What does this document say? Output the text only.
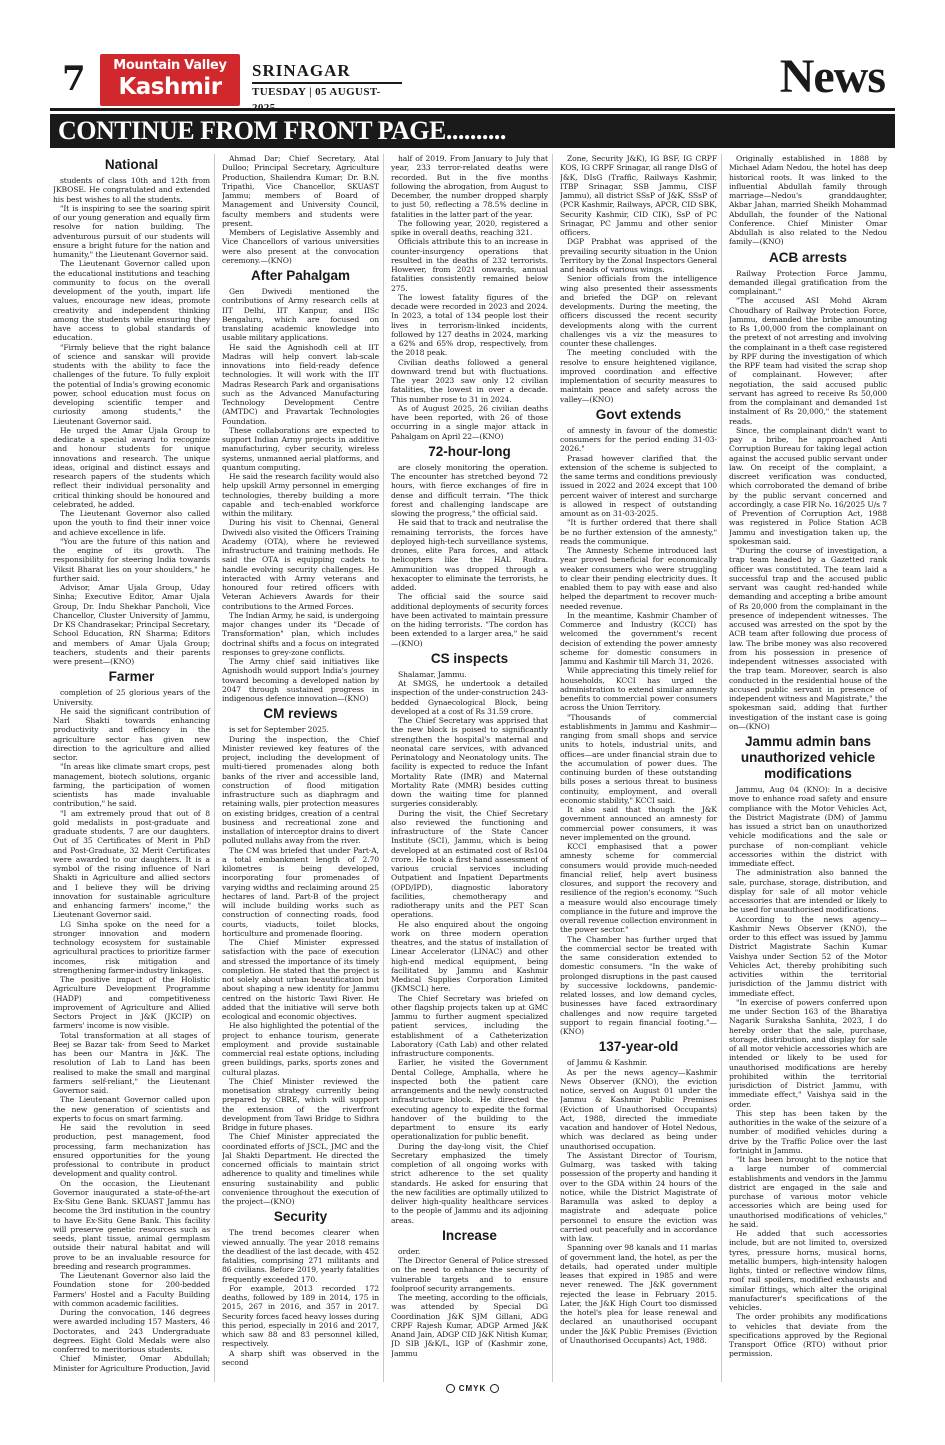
7	Mountain Valley
Kashmir
SRINAGAR
TUESDAY | 05 AUGUST-2025
News
CONTINUE FROM FRONT PAGE..........
National

students of class 10th and 12th from JKBOSE. He congratulated and extended his best wishes to all the students.

"It is inspiring to see the soaring spirit of our young generation and equally firm resolve for nation building. The adventurous pursuit of our students will ensure a bright future for the nation and humanity," the Lieutenant Governor said.

The Lieutenant Governor called upon the educational institutions and teaching community to focus on the overall development of the youth, impart life values, encourage new ideas, promote creativity and independent thinking among the students while ensuring they have access to global standards of education.

"Firmly believe that the right balance of science and sanskar will provide students with the ability to face the challenges of the future. To fully exploit the potential of India's growing economic power, school education must focus on developing scientific temper and curiosity among students," the Lieutenant Governor said.

He urged the Amar Ujala Group to dedicate a special award to recognize and honour students for unique innovations and research. The unique ideas, original and distinct essays and research papers of the students which reflect their individual personality and critical thinking should be honoured and celebrated, he added.

The Lieutenant Governor also called upon the youth to find their inner voice and achieve excellence in life.

"You are the future of this nation and the engine of its growth. The responsibility for steering India towards Viksit Bharat lies on your shoulders," he further said.

Advisor, Amar Ujala Group, Uday Sinha; Executive Editor, Amar Ujala Group, Dr. Indu Shekhar Pancholi, Vice Chancellor, Cluster University of Jammu, Dr KS Chandrasekar; Principal Secretary, School Education, RN Sharma; Editors and members of Amar Ujala Group; teachers, students and their parents were present—(KNO)

Farmer

completion of 25 glorious years of the University.

He said the significant contribution of Narl Shakti towards enhancing productivity and efficiency in the agriculture sector has given new direction to the agriculture and allied sector.

"In areas like climate smart crops, pest management, biotech solutions, organic farming, the participation of women scientists has made invaluable contribution," he said.

"I am extremely proud that out of 8 gold medalists in post-graduate and graduate students, 7 are our daughters. Out of 35 Certificates of Merit in PhD and Post-Graduate, 32 Merit Certificates were awarded to our daughters. It is a symbol of the rising influence of Narl Shakti in Agriculture and allied sectors and I believe they will be driving innovation for sustainable agriculture and enhancing farmers' income," the Lieutenant Governor said.

LG Sinha spoke on the need for a stronger innovation and modern technology ecosystem for sustainable agricultural practices to prioritize farmer incomes, risk mitigation and strengthening farmer-industry linkages.

The positive impact of the Holistic Agriculture Development Programme (HADP) and competitiveness improvement of Agriculture and Allied Sectors Project in J&K (JKCIP) on farmers' income is now visible.

Total transformation at all stages of Beej se Bazar tak- from Seed to Market has been our Mantra in J&K. The resolution of Lab to Land has been realised to make the small and marginal farmers self-reliant," the Lieutenant Governor said.

The Lieutenant Governor called upon the new generation of scientists and experts to focus on smart farming.

He said the revolution in seed production, pest management, food processing, farm mechanization has ensured opportunities for the young professional to contribute in product development and quality control.

On the occasion, the Lieutenant Governor inaugurated a state-of-the-art Ex-Situ Gene Bank. SKUAST Jammu has become the 3rd institution in the country to have Ex-Situ Gene Bank. This facility will preserve genetic resources such as seeds, plant tissue, animal germplasm outside their natural habitat and will prove to be an invaluable resource for breeding and research programmes.

The Lieutenant Governor also laid the Foundation stone for 200-bedded Farmers' Hostel and a Faculty Building with common academic facilities.

During the convocation, 146 degrees were awarded including 157 Masters, 46 Doctorates, and 243 Undergraduate degrees. Eight Gold Medals were also conferred to meritorious students.

Chief Minister, Omar Abdullah; Minister for Agriculture Production, Javid

Ahmad Dar; Chief Secretary, Atal Dulloo; Principal Secretary, Agriculture Production, Shailendra Kumar; Dr. B.N. Tripathi, Vice Chancellor, SKUAST Jammu; members of Board of Management and University Council, faculty members and students were present.

Members of Legislative Assembly and Vice Chancellors of various universities were also present at the convocation ceremony.—(KNO)

After Pahalgam

Gen Dwivedi mentioned the contributions of Army research cells at IIT Delhi, IIT Kanpur, and IISc Bengaluru, which are focused on translating academic knowledge into usable military applications.

He said the Agnishodh cell at IIT Madras will help convert lab-scale innovations into field-ready defence technologies. It will work with the IIT Madras Research Park and organisations such as the Advanced Manufacturing Technology Development Centre (AMTDC) and Pravartak Technologies Foundation.

These collaborations are expected to support Indian Army projects in additive manufacturing, cyber security, wireless systems, unmanned aerial platforms, and quantum computing.

He said the research facility would also help upskill Army personnel in emerging technologies, thereby building a more capable and tech-enabled workforce within the military.

During his visit to Chennai, General Dwivedi also visited the Officers Training Academy (OTA), where he reviewed infrastructure and training methods. He said the OTA is equipping cadets to handle evolving security challenges. He interacted with Army veterans and honoured four retired officers with Veteran Achievers Awards for their contributions to the Armed Forces.

The Indian Army, he said, is undergoing major changes under its "Decade of Transformation" plan, which includes doctrinal shifts and a focus on integrated responses to grey-zone conflicts.

The Army chief said initiatives like Agnishodh would support India's journey toward becoming a developed nation by 2047 through sustained progress in indigenous defence innovation—(KNO)

CM reviews

is set for September 2025.

During the inspection, the Chief Minister reviewed key features of the project, including the development of multi-tiered promenades along both banks of the river and accessible land, construction of flood mitigation infrastructure such as diaphragm and retaining walls, pier protection measures on existing bridges, creation of a central business and recreational zone and installation of interceptor drains to divert polluted nullahs away from the river.

The CM was briefed that under Part-A, a total embankment length of 2.70 kilometres is being developed, incorporating four promenades of varying widths and reclaiming around 25 hectares of land. Part-B of the project will include building works such as construction of connecting roads, food courts, viaducts, toilet blocks, horticulture and promenade flooring.

The Chief Minister expressed satisfaction with the pace of execution and stressed the importance of its timely completion. He stated that the project is not solely about urban beautification but about shaping a new identity for Jammu centred on the historic Tawi River. He added that the initiative will serve both ecological and economic objectives.

He also highlighted the potential of the project to enhance tourism, generate employment and provide sustainable commercial real estate options, including green buildings, parks, sports zones and cultural plazas.

The Chief Minister reviewed the monetisation strategy currently being prepared by CBRE, which will support the extension of the riverfront development from Tawi Bridge to Sidhra Bridge in future phases.

The Chief Minister appreciated the coordinated efforts of JSCL, JMC and the Jal Shakti Department. He directed the concerned officials to maintain strict adherence to quality and timelines while ensuring sustainability and public convenience throughout the execution of the project—(KNO)

Security

The trend becomes clearer when viewed annually. The year 2018 remains the deadliest of the last decade, with 452 fatalities, comprising 271 militants and 86 civilians. Before 2019, yearly fatalities frequently exceeded 170.

For example, 2013 recorded 172 deaths, followed by 189 in 2014, 175 in 2015, 267 in 2016, and 357 in 2017. Security forces faced heavy losses during this period, especially in 2016 and 2017, which saw 88 and 83 personnel killed, respectively.

A sharp shift was observed in the second

half of 2019. From January to July that year, 233 terror-related deaths were recorded. But in the five months following the abrogation, from August to December, the number dropped sharply to just 50, reflecting a 78.5% decline in fatalities in the latter part of the year.

The following year, 2020, registered a spike in overall deaths, reaching 321.

Officials attribute this to an increase in counter-insurgency operations that resulted in the deaths of 232 terrorists. However, from 2021 onwards, annual fatalities consistently remained below 275.

The lowest fatality figures of the decade were recorded in 2023 and 2024. In 2023, a total of 134 people lost their lives in terrorism-linked incidents, followed by 127 deaths in 2024, marking a 62% and 65% drop, respectively, from the 2018 peak.

Civilian deaths followed a general downward trend but with fluctuations. The year 2023 saw only 12 civilian fatalities, the lowest in over a decade. This number rose to 31 in 2024.

As of August 2025, 26 civilian deaths have been reported, with 26 of those occurring in a single major attack in Pahalgam on April 22—(KNO)

72-hour-long

are closely monitoring the operation. The encounter has stretched beyond 72 hours, with fierce exchanges of fire in dense and difficult terrain. "The thick forest and challenging landscape are slowing the progress," the official said.

He said that to track and neutralise the remaining terrorists, the forces have deployed high-tech surveillance systems, drones, elite Para forces, and attack helicopters like the HAL Rudra. Ammunition was dropped through a hexacopter to eliminate the terrorists, he added.

The official said the source said additional deployments of security forces have been activated to maintain pressure on the hiding terrorists. "The cordon has been extended to a larger area," he said—(KNO)

CS inspects

Shalamar, Jammu.

At SMGS, he undertook a detailed inspection of the under-construction 243-bedded Gynaecological Block, being developed at a cost of Rs 31.59 crore.

The Chief Secretary was apprised that the new block is poised to significantly strengthen the hospital's maternal and neonatal care services, with advanced Perinatology and Neonatology units. The facility is expected to reduce the Infant Mortality Rate (IMR) and Maternal Mortality Rate (MMR) besides cutting down the waiting time for planned surgeries considerably.

During the visit, the Chief Secretary also reviewed the functioning and infrastructure of the State Cancer Institute (SCI), Jammu, which is being developed at an estimated cost of Rs104 crore. He took a first-hand assessment of various crucial services including Outpatient and Inpatient Departments (OPD/IPD), diagnostic laboratory facilities, chemotherapy and radiotherapy units and the PET Scan operations.

He also enquired about the ongoing work on three modern operation theatres, and the status of installation of Linear Accelerator (LINAC) and other high-end medical equipment, being facilitated by Jammu and Kashmir Medical Supplies Corporation Limited (JKMSCL) here.

The Chief Secretary was briefed on other flagship projects taken up at GMC Jammu to further augment specialized patient services, including the establishment of a Catheterization Laboratory (Cath Lab) and other related infrastructure components.

Earlier, he visited the Government Dental College, Amphalla, where he inspected both the patient care arrangements and the newly constructed infrastructure block. He directed the executing agency to expedite the formal handover of the building to the department to ensure its early operationalization for public benefit.

During the day-long visit, the Chief Secretary emphasized the timely completion of all ongoing works with strict adherence to the set quality standards. He asked for ensuring that the new facilities are optimally utilized to deliver high-quality healthcare services to the people of Jammu and its adjoining areas.

Increase

order.

The Director General of Police stressed on the need to enhance the security of vulnerable targets and to ensure foolproof security arrangements.

The meeting, according to the officials, was attended by Special DG Coordination J&K SJM Gillani, ADG CRPF Rajesh Kumar, ADGP Armed J&K Anand Jain, ADGP CID J&K Nitish Kumar, JD SIB J&K/L, IGP of (Kashmir zone, Jammu

Zone, Security J&K), IG BSF, IG CRPF KOS, IG CRPF Srinagar, all range DIsG of J&K, DIsG (Traffic, Railways Kashmir, ITBP Srinagar, SSB Jammu, CISF Jammu), all district SSsP of J&K, SSsP of (PCR Kashmir, Railways, APCR, CID SBK, Security Kashmir, CID CIK), SsP of PC Srinagar, PC Jammu and other senior officers.

DGP Prabhat was apprised of the prevailing security situation in the Union Territory by the Zonal Inspectors General and heads of various wings.

Senior officials from the intelligence wing also presented their assessments and briefed the DGP on relevant developments. During the meeting, the officers discussed the recent security developments along with the current challenges vis a viz the measures to counter these challenges.

The meeting concluded with the resolve to ensure heightened vigilance, improved coordination and effective implementation of security measures to maintain peace and safety across the valley—(KNO)

Govt extends

of amnesty in favour of the domestic consumers for the period ending 31-03-2026."

Prasad however clarified that the extension of the scheme is subjected to the same terms and conditions previously issued in 2022 and 2024 except that 100 percent waiver of interest and surcharge is allowed in respect of outstanding amount as on 31-03-2025.

"It is further ordered that there shall be no further extension of the amnesty," reads the communique.

The Amnesty Scheme introduced last year proved beneficial for economically weaker consumers who were struggling to clear their pending electricity dues. It enabled them to pay with ease and also helped the department to recover much-needed revenue.

In the meantime, Kashmir Chamber of Commerce and Industry (KCCI) has welcomed the government's recent decision of extending the power amnesty scheme for domestic consumers in Jammu and Kashmir till March 31, 2026.

While appreciating this timely relief for households, KCCI has urged the administration to extend similar amnesty benefits to commercial power consumers across the Union Territory.

"Thousands of commercial establishments in Jammu and Kashmir—ranging from small shops and service units to hotels, industrial units, and offices—are under financial strain due to the accumulation of power dues. The continuing burden of these outstanding bills poses a serious threat to business continuity, employment, and overall economic stability," KCCI said.

It also said that though the J&K government announced an amnesty for commercial power consumers, it was never implemented on the ground.

KCCI emphasised that a power amnesty scheme for commercial consumers would provide much-needed financial relief, help avert business closures, and support the recovery and resilience of the region's economy. "Such a measure would also encourage timely compliance in the future and improve the overall revenue collection environment in the power sector."

The Chamber has further urged that the commercial sector be treated with the same consideration extended to domestic consumers. "In the wake of prolonged disruptions in the past caused by successive lockdowns, pandemic-related losses, and low demand cycles, businesses have faced extraordinary challenges and now require targeted support to regain financial footing."—(KNO)

137-year-old

of Jammu & Kashmir.

As per the news agency—Kashmir News Observer (KNO), the eviction notice, served on August 01 under the Jammu & Kashmir Public Premises (Eviction of Unauthorised Occupants) Act, 1988, directed the immediate vacation and handover of Hotel Nedous, which was declared as being under unauthorised occupation.

The Assistant Director of Tourism, Gulmarg, was tasked with taking possession of the property and handing it over to the GDA within 24 hours of the notice, while the District Magistrate of Baramulla was asked to deploy a magistrate and adequate police personnel to ensure the eviction was carried out peacefully and in accordance with law.

Spanning over 98 kanals and 11 marlas of government land, the hotel, as per the details, had operated under multiple leases that expired in 1985 and were never renewed. The J&K government rejected the lease in February 2015. Later, the J&K High Court too dismissed the hotel's plea for lease renewal and declared an unauthorised occupant under the J&K Public Premises (Eviction of Unauthorised Occupants) Act, 1988.

Originally established in 1888 by Michael Adam Nedou, the hotel has deep historical roots. It was linked to the influential Abdullah family through marriage—Nedou's granddaughter, Akbar Jahan, married Sheikh Mohammad Abdullah, the founder of the National Conference. Chief Minister Omar Abdullah is also related to the Nedou family—(KNO)

ACB arrests

Railway Protection Force Jammu, demanded illegal gratification from the complainant."

"The accused ASI Mohd Akram Choudhary of Railway Protection Force, Jammu, demanded the bribe amounting to Rs 1,00,000 from the complainant on the pretext of not arresting and involving the complainant in a theft case registered by RPF during the investigation of which the RPF team had visited the scrap shop of complainant. However, after negotiation, the said accused public servant has agreed to receive Rs 50,000 from the complainant and demanded 1st instalment of Rs 20,000," the statement reads.

Since, the complainant didn't want to pay a bribe, he approached Anti Corruption Bureau for taking legal action against the accused public servant under law. On receipt of the complaint, a discreet verification was conducted, which corroborated the demand of bribe by the public servant concerned and accordingly, a case FIR No. 16/2025 U/s 7 of Prevention of Corruption Act, 1988 was registered in Police Station ACB Jammu and investigation taken up, the spokesman said.

"During the course of investigation, a trap team headed by a Gazetted rank officer was constituted. The team laid a successful trap and the accused public servant was caught red-handed while demanding and accepting a bribe amount of Rs 20,000 from the complainant in the presence of independent witnesses. The accused was arrested on the spot by the ACB team after following due process of law. The bribe money was also recovered from his possession in presence of independent witnesses associated with the trap team. Moreover, search is also conducted in the residential house of the accused public servant in presence of independent witness and Magistrate," the spokesman said, adding that further investigation of the instant case is going on—(KNO)

Jammu admin bans unauthorized vehicle modifications

Jammu, Aug 04 (KNO): In a decisive move to enhance road safety and ensure compliance with the Motor Vehicles Act, the District Magistrate (DM) of Jammu has issued a strict ban on unauthorized vehicle modifications and the sale or purchase of non-compliant vehicle accessories within the district with immediate effect.

The administration also banned the sale, purchase, storage, distribution, and display for sale of all motor vehicle accessories that are intended or likely to be used for unauthorised modifications.

According to the news agency—Kashmir News Observer (KNO), the order to this effect was issued by Jammu District Magistrate Sachin Kumar Vaishya under Section 52 of the Motor Vehicles Act, thereby prohibiting such activities within the territorial jurisdiction of the Jammu district with immediate effect.

"In exercise of powers conferred upon me under Section 163 of the Bharatiya Nagarik Suraksha Sanhita, 2023, I do hereby order that the sale, purchase, storage, distribution, and display for sale of all motor vehicle accessories which are intended or likely to be used for unauthorised modifications are hereby prohibited within the territorial jurisdiction of District Jammu, with immediate effect," Vaishya said in the order.

This step has been taken by the authorities in the wake of the seizure of a number of modified vehicles during a drive by the Traffic Police over the last fortnight in Jammu.

"It has been brought to the notice that a large number of commercial establishments and vendors in the Jammu district are engaged in the sale and purchase of various motor vehicle accessories which are being used for unauthorised modifications of vehicles," he said.

He added that such accessories include, but are not limited to, oversized tyres, pressure horns, musical horns, metallic bumpers, high-intensity halogen lights, tinted or reflective window films, roof rail spoilers, modified exhausts and similar fittings, which alter the original manufacturer's specifications of the vehicles.

The order prohibits any modifications to vehicles that deviate from the specifications approved by the Regional Transport Office (RTO) without prior permission.

CMYK
